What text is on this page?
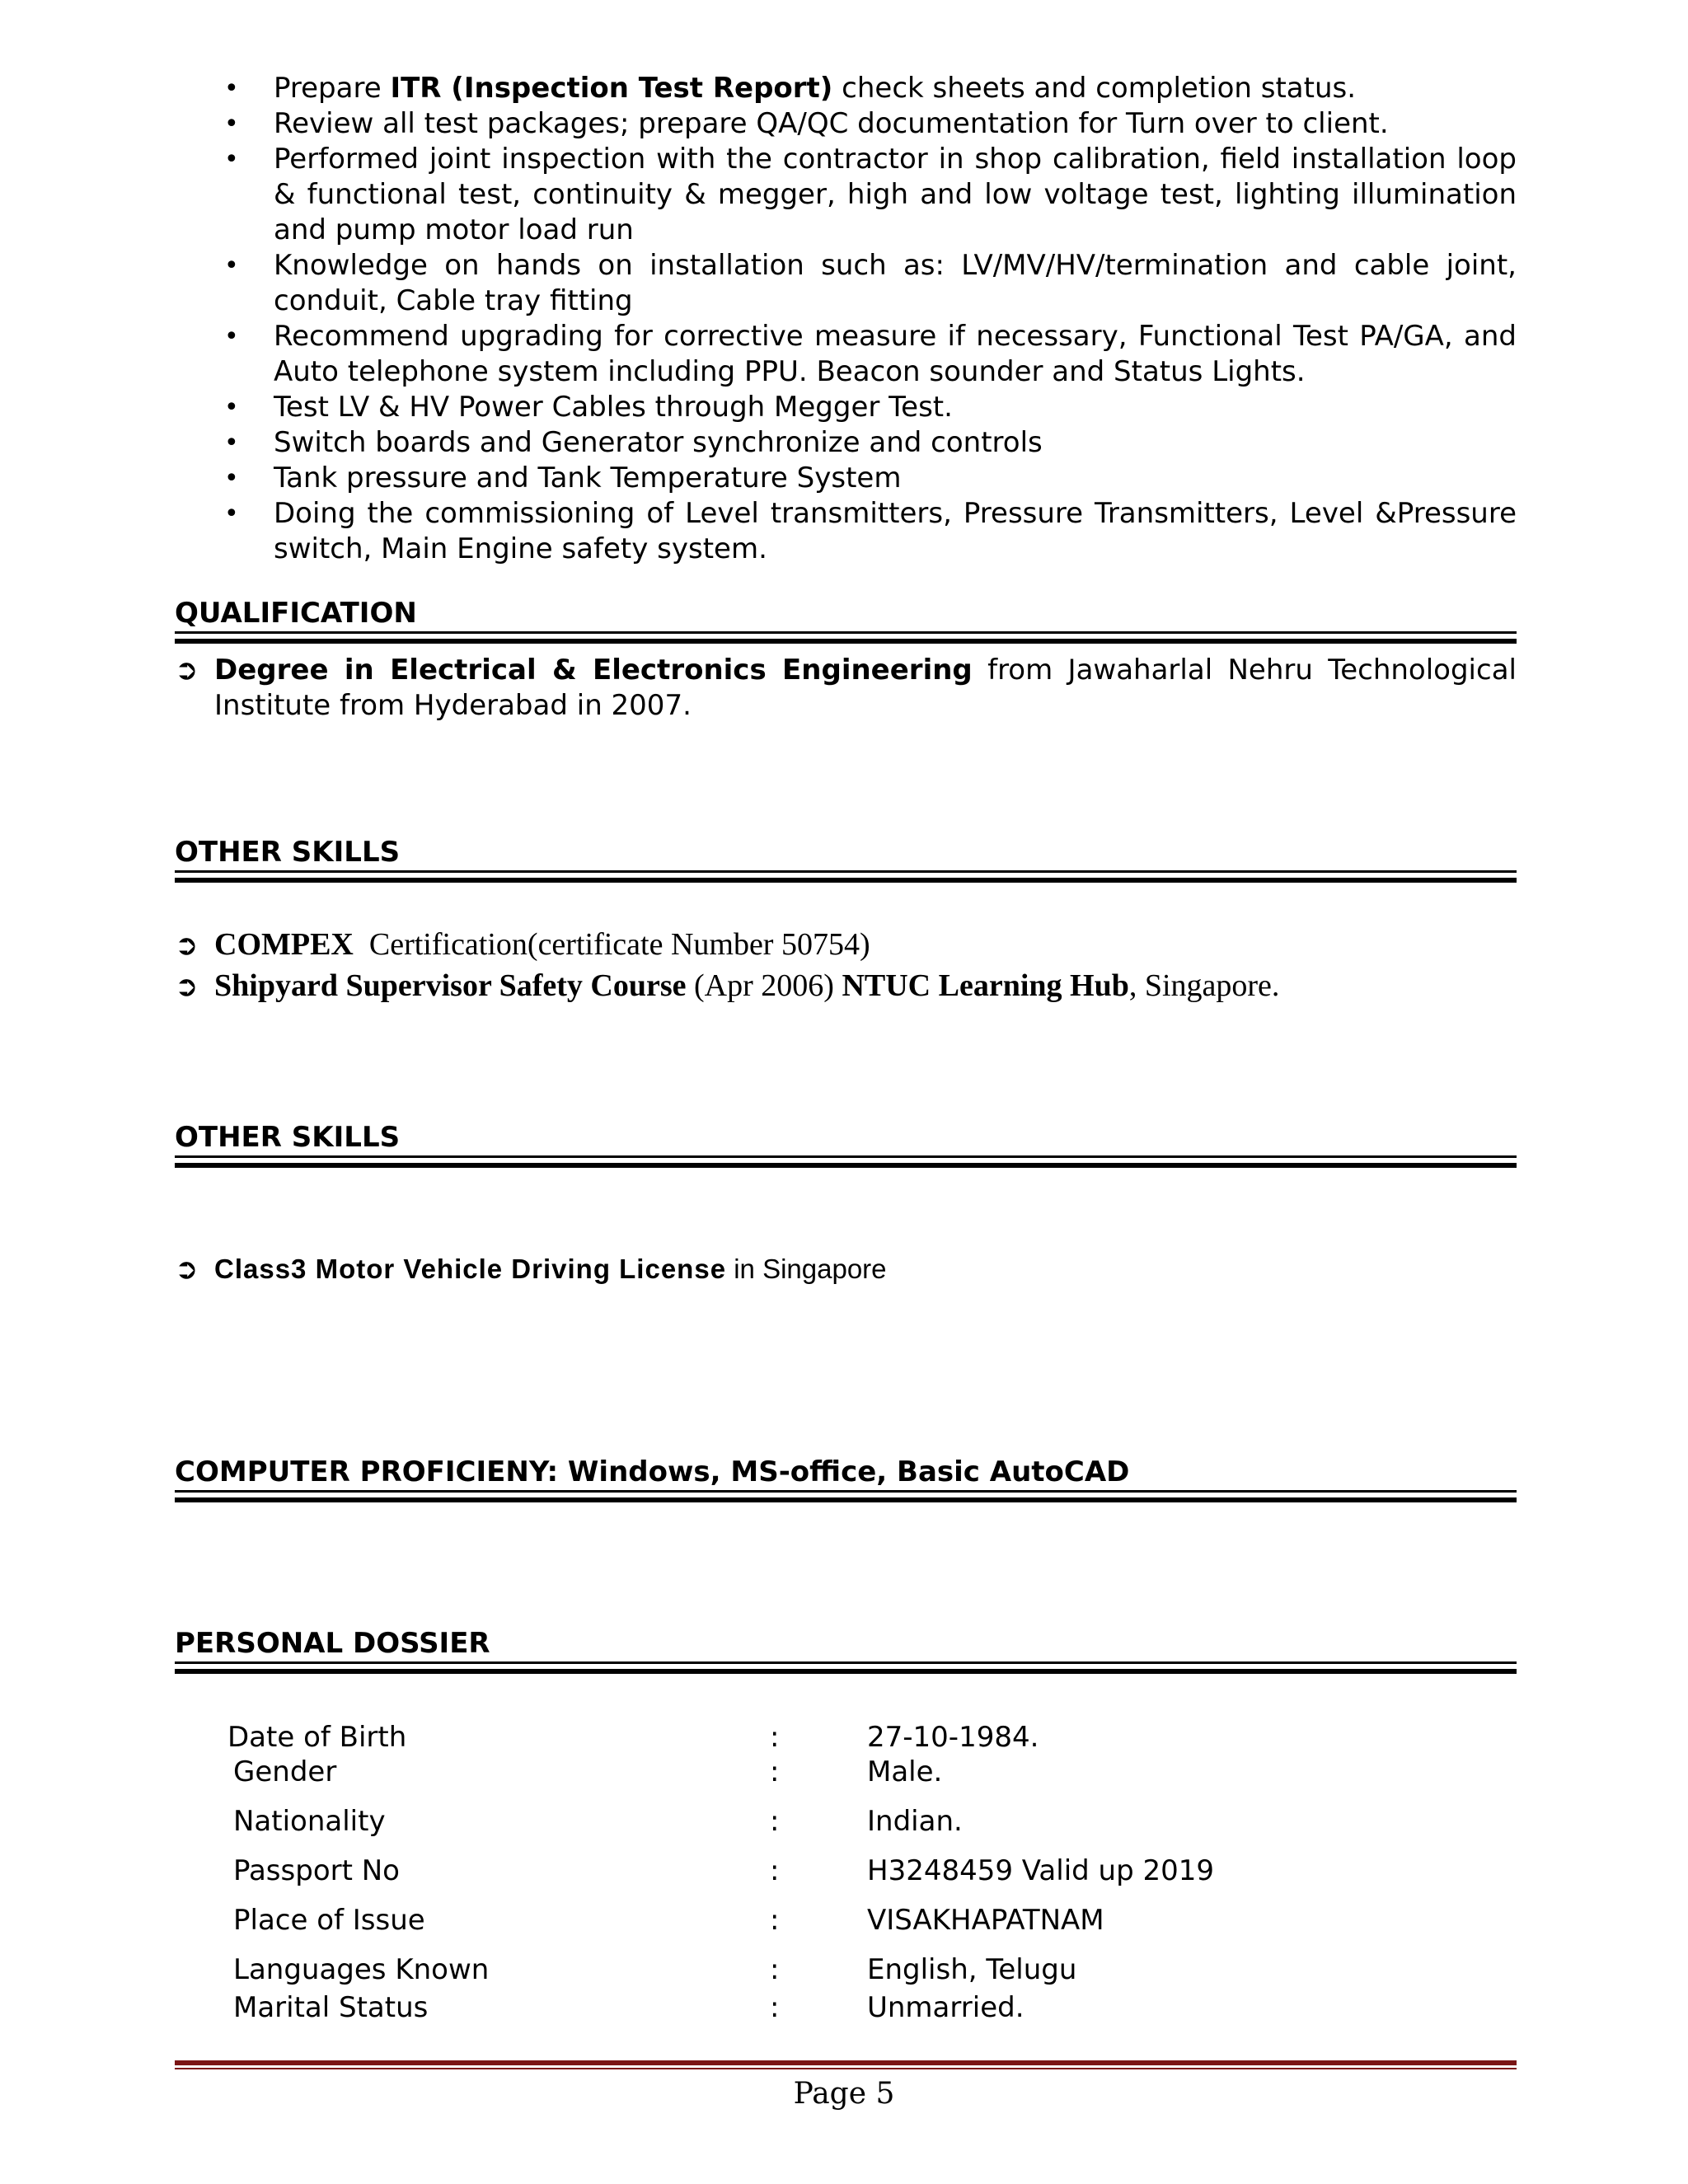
• Prepare ITR (Inspection Test Report) check sheets and completion status.
• Review all test packages; prepare QA/QC documentation for Turn over to client.
• Performed joint inspection with the contractor in shop calibration, field installation loop & functional test, continuity & megger, high and low voltage test, lighting illumination and pump motor load run
• Knowledge on hands on installation such as: LV/MV/HV/termination and cable joint, conduit, Cable tray fitting
• Recommend upgrading for corrective measure if necessary, Functional Test PA/GA, and Auto telephone system including PPU. Beacon sounder and Status Lights.
• Test LV & HV Power Cables through Megger Test.
• Switch boards and Generator synchronize and controls
• Tank pressure and Tank Temperature System
• Doing the commissioning of Level transmitters, Pressure Transmitters, Level &Pressure switch, Main Engine safety system.
QUALIFICATION
➲ Degree in Electrical & Electronics Engineering from Jawaharlal Nehru Technological Institute from Hyderabad in 2007.
OTHER SKILLS
➲ COMPEX  Certification(certificate Number 50754)
➲ Shipyard Supervisor Safety Course (Apr 2006) NTUC Learning Hub, Singapore.
OTHER SKILLS
➲ Class3 Motor Vehicle Driving License in Singapore
COMPUTER PROFICIENY: Windows, MS-office, Basic AutoCAD
PERSONAL DOSSIER
Date of Birth	:	27-10-1984.
Gender	:	Male.
Nationality	:	Indian.
Passport No	:	H3248459 Valid up 2019
Place of Issue	:	VISAKHAPATNAM
Languages Known	:	English, Telugu
Marital Status	:	Unmarried.
Page 5
